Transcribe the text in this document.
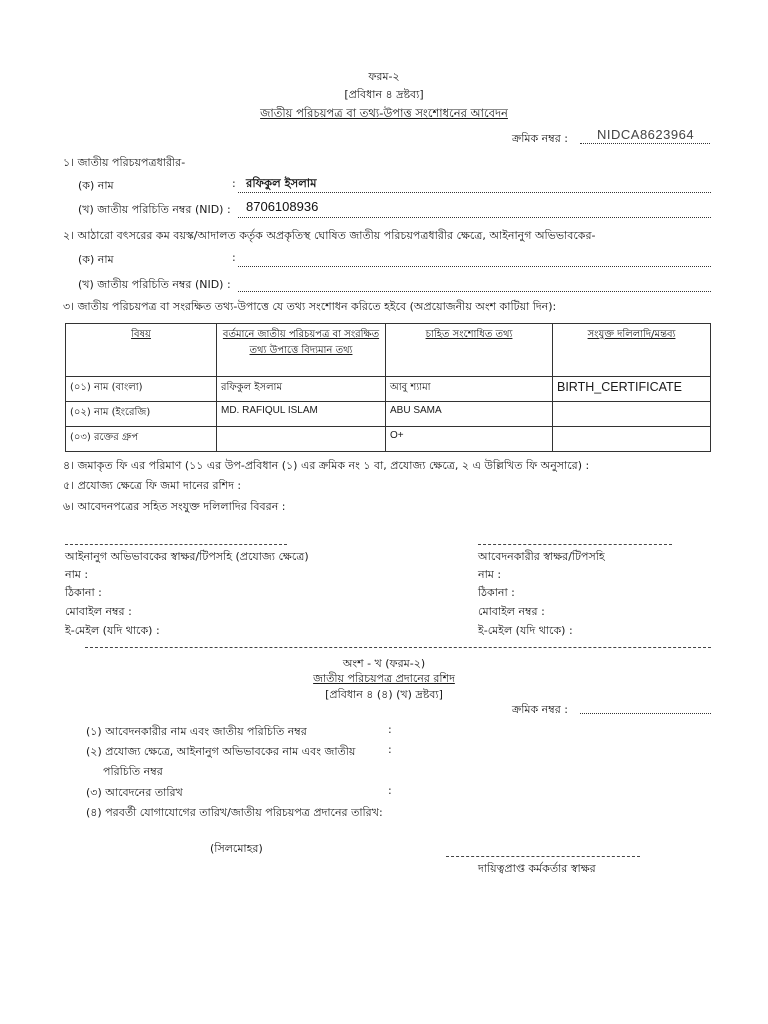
ফরম-২
[প্রবিধান ৪ দ্রষ্টব্য]
জাতীয় পরিচয়পত্র বা তথ্য-উপাত্ত সংশোধনের আবেদন
ক্রমিক নম্বর : NIDCA8623964
১। জাতীয় পরিচয়পত্রধারীর-
(ক) নাম	: রফিকুল ইসলাম
(খ) জাতীয় পরিচিতি নম্বর (NID) : 8706108936
২। আঠারো বৎসরের কম বয়স্ক/আদালত কর্তৃক অপ্রকৃতিস্থ ঘোষিত জাতীয় পরিচয়পত্রধারীর ক্ষেত্রে, আইনানুগ অভিভাবকের-
(ক) নাম	:
(খ) জাতীয় পরিচিতি নম্বর (NID) :
৩। জাতীয় পরিচয়পত্র বা সংরক্ষিত তথ্য-উপাত্তে যে তথ্য সংশোধন করিতে হইবে (অপ্রয়োজনীয় অংশ কাটিয়া দিন):
বিষয়	বর্তমানে জাতীয় পরিচয়পত্র বা সংরক্ষিত তথ্য উপাত্তে বিদ্যমান তথ্য	চাহিত সংশোধিত তথ্য	সংযুক্ত দলিলাদি/মন্তব্য
(০১) নাম (বাংলা)	রফিকুল ইসলাম	আবু শ্যামা	BIRTH_CERTIFICATE
(০২) নাম (ইংরেজি)	MD. RAFIQUL ISLAM	ABU SAMA	
(০৩) রক্তের গ্রুপ		O+	
৪। জমাকৃত ফি এর পরিমাণ (১১ এর উপ-প্রবিধান (১) এর ক্রমিক নং ১ বা, প্রযোজ্য ক্ষেত্রে, ২ এ উল্লিখিত ফি অনুসারে) :
৫। প্রযোজ্য ক্ষেত্রে ফি জমা দানের রশিদ :
৬। আবেদনপত্রের সহিত সংযুক্ত দলিলাদির বিবরন :
আইনানুগ অভিভাবকের স্বাক্ষর/টিপসহি (প্রযোজ্য ক্ষেত্রে)
নাম :
ঠিকানা :
মোবাইল নম্বর :
ই-মেইল (যদি থাকে) :
আবেদনকারীর স্বাক্ষর/টিপসহি
নাম :
ঠিকানা :
মোবাইল নম্বর :
ই-মেইল (যদি থাকে) :
অংশ - খ (ফরম-২)
জাতীয় পরিচয়পত্র প্রদানের রশিদ
[প্রবিধান ৪ (৪) (খ) দ্রষ্টব্য]
ক্রমিক নম্বর :
(১) আবেদনকারীর নাম এবং জাতীয় পরিচিতি নম্বর	:
(২) প্রযোজ্য ক্ষেত্রে, আইনানুগ অভিভাবকের নাম এবং জাতীয়	:
পরিচিতি নম্বর
(৩) আবেদনের তারিখ	:
(৪) পরবর্তী যোগাযোগের তারিখ/জাতীয় পরিচয়পত্র প্রদানের তারিখ:
(সিলমোহর)
দায়িত্বপ্রাপ্ত কর্মকর্তার স্বাক্ষর
